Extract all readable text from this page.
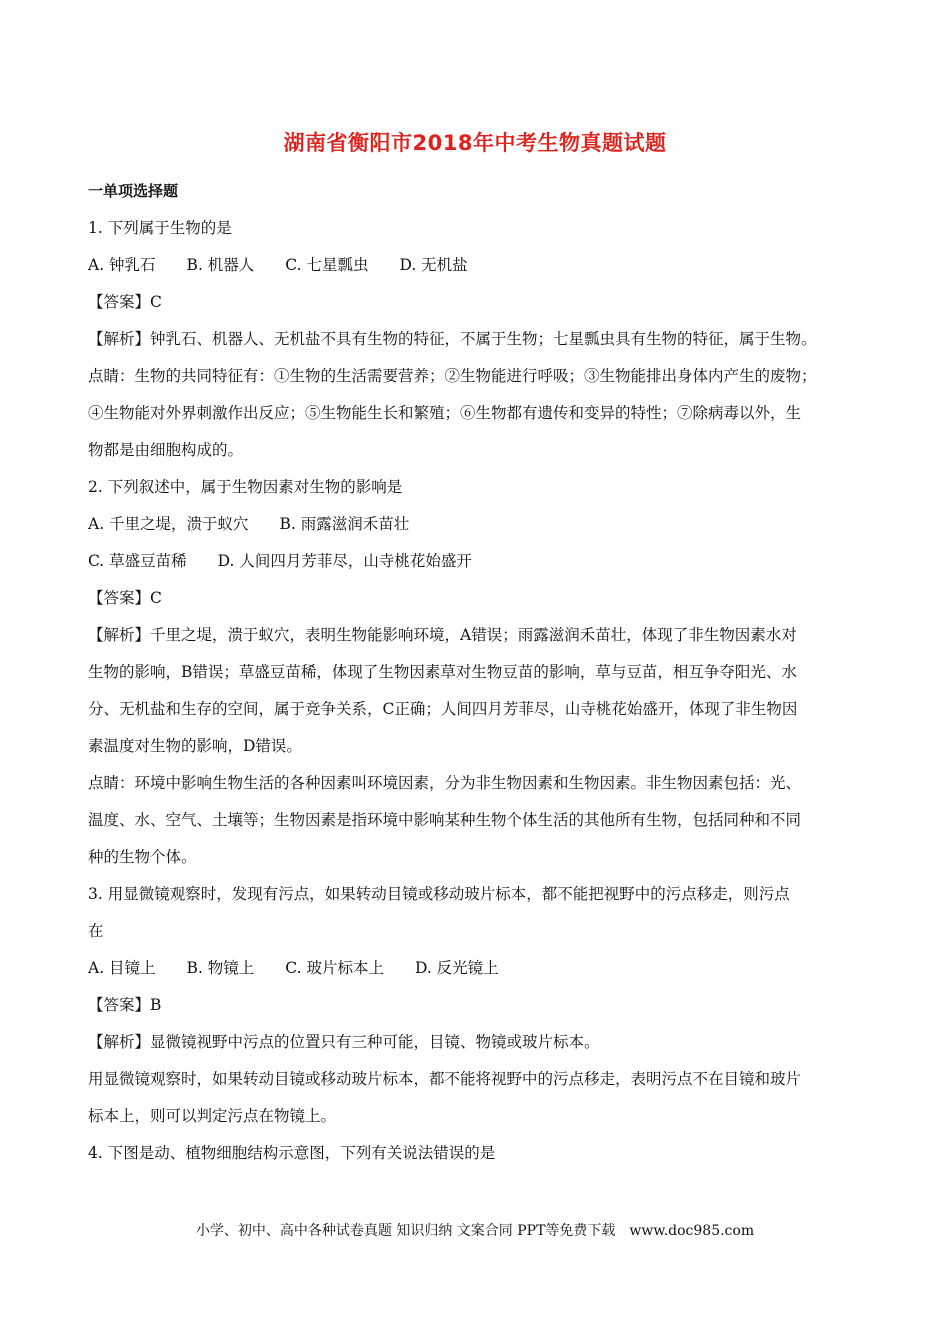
湖南省衡阳市2018年中考生物真题试题
一单项选择题
1. 下列属于生物的是
A. 钟乳石　　B. 机器人　　C. 七星瓢虫　　D. 无机盐
【答案】C
【解析】钟乳石、机器人、无机盐不具有生物的特征，不属于生物；七星瓢虫具有生物的特征，属于生物。
点睛：生物的共同特征有：①生物的生活需要营养；②生物能进行呼吸；③生物能排出身体内产生的废物；
④生物能对外界刺激作出反应；⑤生物能生长和繁殖；⑥生物都有遗传和变异的特性；⑦除病毒以外，生
物都是由细胞构成的。
2. 下列叙述中，属于生物因素对生物的影响是
A. 千里之堤，溃于蚁穴　　B. 雨露滋润禾苗壮
C. 草盛豆苗稀　　D. 人间四月芳菲尽，山寺桃花始盛开
【答案】C
【解析】千里之堤，溃于蚁穴，表明生物能影响环境，A错误；雨露滋润禾苗壮，体现了非生物因素水对
生物的影响，B错误；草盛豆苗稀，体现了生物因素草对生物豆苗的影响，草与豆苗，相互争夺阳光、水
分、无机盐和生存的空间，属于竞争关系，C正确；人间四月芳菲尽，山寺桃花始盛开，体现了非生物因
素温度对生物的影响，D错误。
点睛：环境中影响生物生活的各种因素叫环境因素，分为非生物因素和生物因素。非生物因素包括：光、
温度、水、空气、土壤等；生物因素是指环境中影响某种生物个体生活的其他所有生物，包括同种和不同
种的生物个体。
3. 用显微镜观察时，发现有污点，如果转动目镜或移动玻片标本，都不能把视野中的污点移走，则污点
在
A. 目镜上　　B. 物镜上　　C. 玻片标本上　　D. 反光镜上
【答案】B
【解析】显微镜视野中污点的位置只有三种可能，目镜、物镜或玻片标本。
用显微镜观察时，如果转动目镜或移动玻片标本，都不能将视野中的污点移走，表明污点不在目镜和玻片
标本上，则可以判定污点在物镜上。
4. 下图是动、植物细胞结构示意图，下列有关说法错误的是
小学、初中、高中各种试卷真题 知识归纳 文案合同 PPT等免费下载　www.doc985.com
